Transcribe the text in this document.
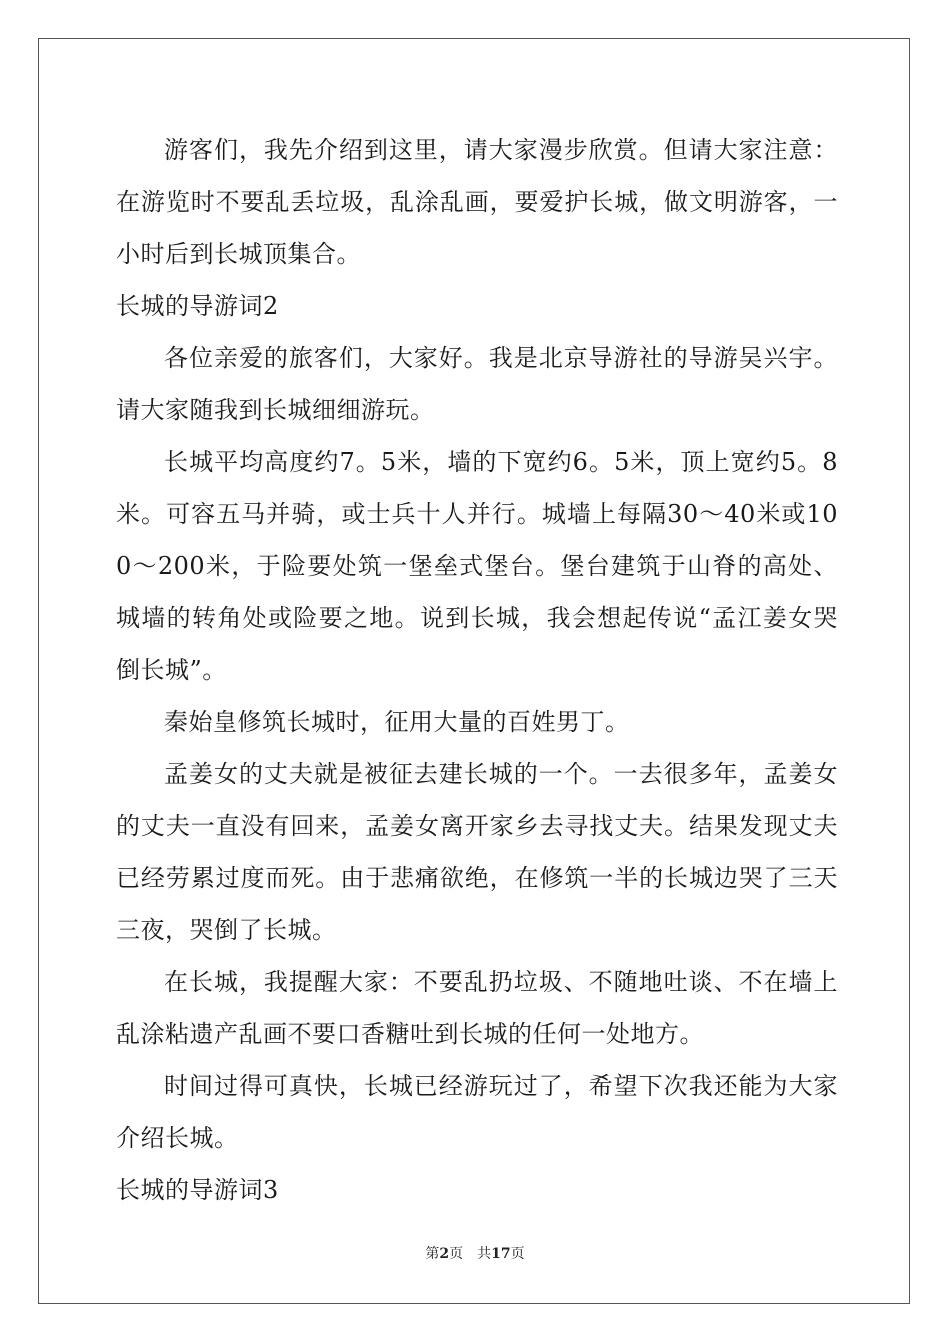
游客们，我先介绍到这里，请大家漫步欣赏。但请大家注意：在游览时不要乱丢垃圾，乱涂乱画，要爱护长城，做文明游客，一小时后到长城顶集合。

长城的导游词2

各位亲爱的旅客们，大家好。我是北京导游社的导游吴兴宇。请大家随我到长城细细游玩。

长城平均高度约7。5米，墙的下宽约6。5米，顶上宽约5。8米。可容五马并骑，或士兵十人并行。城墙上每隔30～40米或100～200米，于险要处筑一堡垒式堡台。堡台建筑于山脊的高处、城墙的转角处或险要之地。说到长城，我会想起传说“孟江姜女哭倒长城”。

秦始皇修筑长城时，征用大量的百姓男丁。

孟姜女的丈夫就是被征去建长城的一个。一去很多年，孟姜女的丈夫一直没有回来，孟姜女离开家乡去寻找丈夫。结果发现丈夫已经劳累过度而死。由于悲痛欲绝，在修筑一半的长城边哭了三天三夜，哭倒了长城。

在长城，我提醒大家：不要乱扔垃圾、不随地吐谈、不在墙上乱涂粘遗产乱画不要口香糖吐到长城的任何一处地方。

时间过得可真快，长城已经游玩过了，希望下次我还能为大家介绍长城。

长城的导游词3

第2页 共17页
